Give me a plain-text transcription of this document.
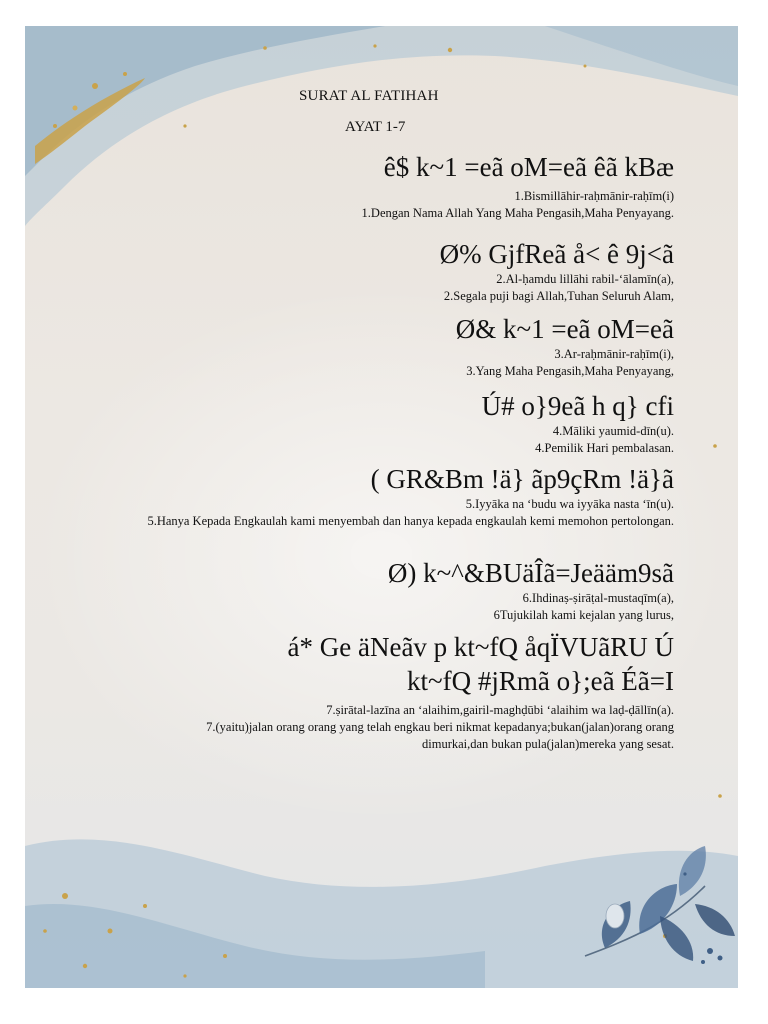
SURAT AL FATIHAH
AYAT 1-7
ê$ k~1 =eã oM=eã êã kBæ
1.Bismillāhir-raḥmānir-raḥīm(i)
1.Dengan Nama Allah Yang Maha Pengasih,Maha Penyayang.
Ø% GjfReã å< ê 9j<ã
2.Al-ḥamdu lillāhi rabil-‘ālamīn(a),
2.Segala puji bagi Allah,Tuhan Seluruh Alam,
Ø& k~1 =eã oM=eã
3.Ar-raḥmānir-raḥīm(i),
3.Yang Maha Pengasih,Maha Penyayang,
Ú# o}9eã h q} cfi
4.Māliki yaumid-dīn(u).
4.Pemilik Hari pembalasan.
( GR&Bm !ä} ãp9çRm !ä}ã
5.Iyyāka na ‘budu wa iyyāka nasta ‘īn(u).
5.Hanya Kepada Engkaulah kami menyembah dan hanya kepada engkaulah kemi memohon pertolongan.
Ø) k~^&BUäÎã=Jeääm9sã
6.Ihdinaṣ-ṣirāṭal-mustaqīm(a),
6Tujukilah kami kejalan yang lurus,
á* Ge äNeãv p kt~fQ åqÏVUãRU Ú
kt~fQ #jRmã o};eã Éã=I
7.ṣirātal-lazīna an ‘alaihim,gairil-maghḍūbi ‘alaihim wa laḍ-ḍāllīn(a).
7.(yaitu)jalan orang orang yang telah engkau beri nikmat kepadanya;bukan(jalan)orang orang dimurkai,dan bukan pula(jalan)mereka yang sesat.
